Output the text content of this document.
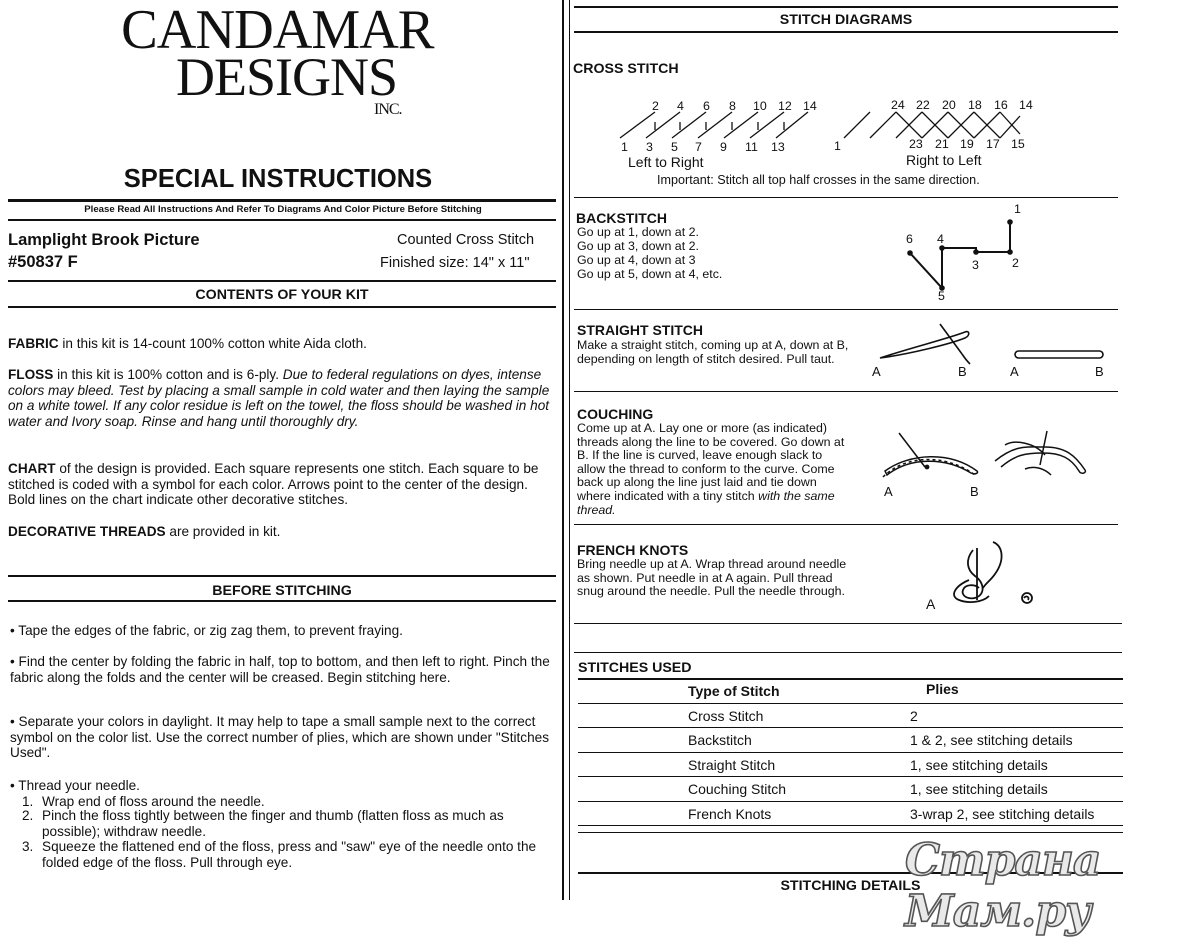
CANDAMAR
DESIGNS
INC.
SPECIAL INSTRUCTIONS
Please Read All Instructions And Refer To Diagrams And Color Picture Before Stitching
Lamplight Brook Picture
#50837 F
Counted Cross Stitch
Finished size: 14" x 11"
CONTENTS OF YOUR KIT
FABRIC in this kit is 14-count 100% cotton white Aida cloth.
FLOSS in this kit is 100% cotton and is 6-ply. Due to federal regulations on dyes, intense colors may bleed. Test by placing a small sample in cold water and then laying the sample on a white towel. If any color residue is left on the towel, the floss should be washed in hot water and Ivory soap. Rinse and hang until thoroughly dry.
CHART of the design is provided. Each square represents one stitch. Each square to be stitched is coded with a symbol for each color. Arrows point to the center of the design. Bold lines on the chart indicate other decorative stitches.
DECORATIVE THREADS are provided in kit.
BEFORE STITCHING
• Tape the edges of the fabric, or zig zag them, to prevent fraying.
• Find the center by folding the fabric in half, top to bottom, and then left to right. Pinch the fabric along the folds and the center will be creased. Begin stitching here.
• Separate your colors in daylight. It may help to tape a small sample next to the correct symbol on the color list. Use the correct number of plies, which are shown under "Stitches Used".
• Thread your needle.
1. Wrap end of floss around the needle.
2. Pinch the floss tightly between the finger and thumb (flatten floss as much as possible); withdraw needle.
3. Squeeze the flattened end of the floss, press and "saw" eye of the needle onto the folded edge of the floss. Pull through eye.
STITCH DIAGRAMS
CROSS STITCH
2 4 6 8 10 12 14
1 3 5 7 9 11 13
24 22 20 18 16 14
1	23 21 19 17 15
Left to Right	Right to Left
Important: Stitch all top half crosses in the same direction.
BACKSTITCH
Go up at 1, down at 2.
Go up at 3, down at 2.
Go up at 4, down at 3
Go up at 5, down at 4, etc.
1
2
3
4
5
6
STRAIGHT STITCH
Make a straight stitch, coming up at A, down at B, depending on length of stitch desired. Pull taut.
A	B	A	B
COUCHING
Come up at A. Lay one or more (as indicated) threads along the line to be covered. Go down at B. If the line is curved, leave enough slack to allow the thread to conform to the curve. Come back up along the line just laid and tie down where indicated with a tiny stitch with the same thread.
A	B
FRENCH KNOTS
Bring needle up at A. Wrap thread around needle as shown. Put needle in at A again. Pull thread snug around the needle. Pull the needle through.
A
STITCHES USED
Type of Stitch	Plies
Cross Stitch	2
Backstitch	1 & 2, see stitching details
Straight Stitch	1, see stitching details
Couching Stitch	1, see stitching details
French Knots	3-wrap 2, see stitching details
STITCHING DETAILS
Страна Мам.ру
